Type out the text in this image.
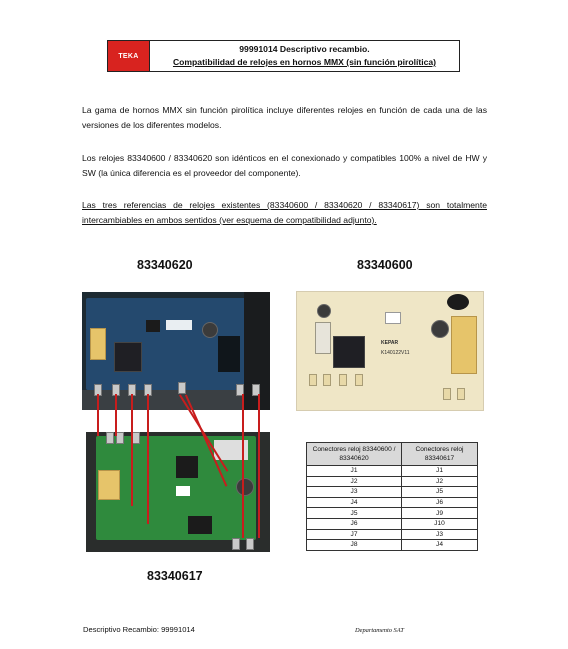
TEKA
99991014 Descriptivo recambio.
Compatibilidad de relojes en hornos MMX (sin función pirolítica)

La gama de hornos MMX sin función pirolítica incluye diferentes relojes en función de cada una de las versiones de los diferentes modelos.

Los relojes 83340600 / 83340620 son idénticos en el conexionado y compatibles 100% a nivel de HW y SW (la única diferencia es el proveedor del componente).

Las tres referencias de relojes existentes (83340600 / 83340620 / 83340617) son totalmente intercambiables en ambos sentidos (ver esquema de compatibilidad adjunto).

83340620	83340600
83340617
KEPAR
K140122V11
Conectores reloj 83340600 / 83340620	Conectores reloj 83340617
J1	J1
J2	J2
J3	J5
J4	J6
J5	J9
J6	J10
J7	J3
J8	J4
Descriptivo Recambio: 99991014	Departamento SAT
